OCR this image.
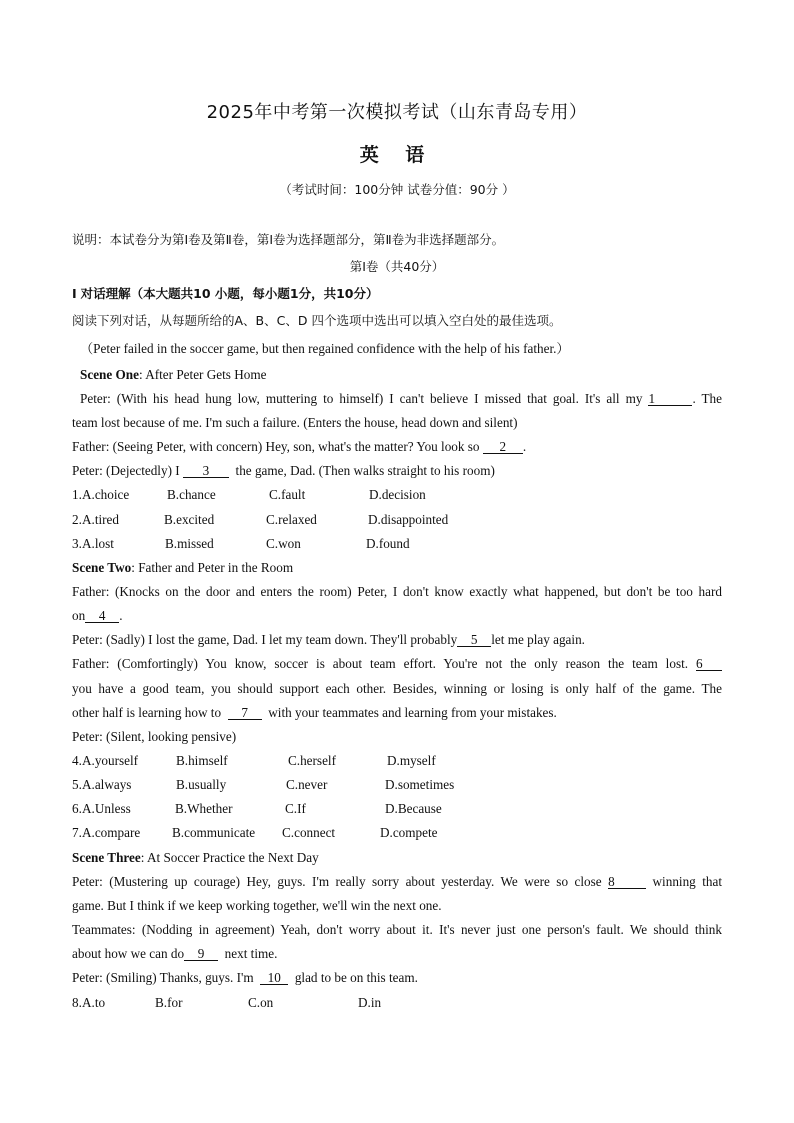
2025年中考第一次模拟考试（山东青岛专用）
英 语
（考试时间：100分钟 试卷分值：90分 ）
说明：本试卷分为第Ⅰ卷及第Ⅱ卷，第Ⅰ卷为选择题部分，第Ⅱ卷为非选择题部分。
第Ⅰ卷（共40分）
Ⅰ 对话理解（本大题共10 小题，每小题1分，共10分）
阅读下列对话，从每题所给的A、B、C、D 四个选项中选出可以填入空白处的最佳选项。
（Peter failed in the soccer game, but then regained confidence with the help of his father.）
Scene One: After Peter Gets Home
Peter: (With his head hung low, muttering to himself) I can't believe I missed that goal. It's all my 1	. The
team lost because of me. I'm such a failure. (Enters the house, head down and silent)
Father: (Seeing Peter, with concern) Hey, son, what's the matter? You look so 2 .
Peter: (Dejectedly) I 3 the game, Dad. (Then walks straight to his room)
1. A.choice	B.chance	C.fault	D.decision
2. A.tired	B.excited	C.relaxed	D.disappointed
3. A.lost	B.missed	C.won	D.found
Scene Two: Father and Peter in the Room
Father: (Knocks on the door and enters the room) Peter, I don't know exactly what happened, but don't be too hard
on 4 .
Peter: (Sadly) I lost the game, Dad. I let my team down. They'll probably 5 let me play again.
Father: (Comfortingly) You know, soccer is about team effort. You're not the only reason the team lost. 6
you have a good team, you should support each other. Besides, winning or losing is only half of the game. The
other half is learning how to 7 with your teammates and learning from your mistakes.
Peter: (Silent, looking pensive)
4. A.yourself	B.himself	C.herself	D.myself
5. A.always	B.usually	C.never	D.sometimes
6. A.Unless	B.Whether	C.If	D.Because
7. A.compare B.communicate C.connect	D.compete
Scene Three: At Soccer Practice the Next Day
Peter: (Mustering up courage) Hey, guys. I'm really sorry about yesterday. We were so close 8	winning that
game. But I think if we keep working together, we'll win the next one.
Teammates: (Nodding in agreement) Yeah, don't worry about it. It's never just one person's fault. We should think
about how we can do 9 next time.
Peter: (Smiling) Thanks, guys. I'm 10 glad to be on this team.
8. A.to	B.for	C.on	D.in
